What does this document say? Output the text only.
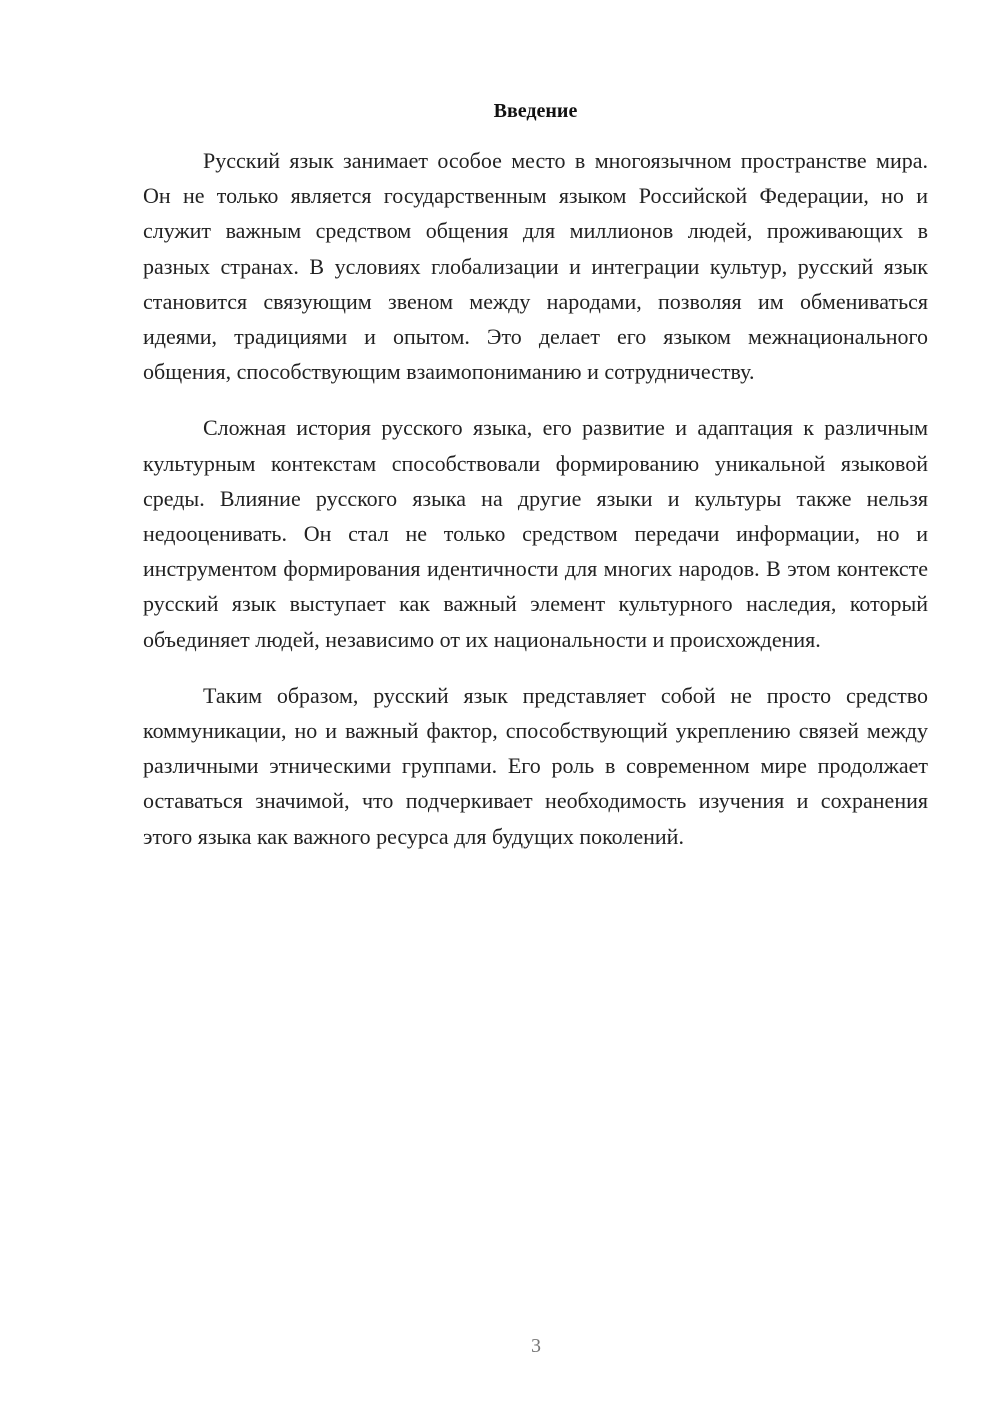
Введение

Русский язык занимает особое место в многоязычном пространстве мира. Он не только является государственным языком Российской Федерации, но и служит важным средством общения для миллионов людей, проживающих в разных странах. В условиях глобализации и интеграции культур, русский язык становится связующим звеном между народами, позволяя им обмениваться идеями, традициями и опытом. Это делает его языком межнационального общения, способствующим взаимопониманию и сотрудничеству.

Сложная история русского языка, его развитие и адаптация к различным культурным контекстам способствовали формированию уникальной языковой среды. Влияние русского языка на другие языки и культуры также нельзя недооценивать. Он стал не только средством передачи информации, но и инструментом формирования идентичности для многих народов. В этом контексте русский язык выступает как важный элемент культурного наследия, который объединяет людей, независимо от их национальности и происхождения.

Таким образом, русский язык представляет собой не просто средство коммуникации, но и важный фактор, способствующий укреплению связей между различными этническими группами. Его роль в современном мире продолжает оставаться значимой, что подчеркивает необходимость изучения и сохранения этого языка как важного ресурса для будущих поколений.

3
